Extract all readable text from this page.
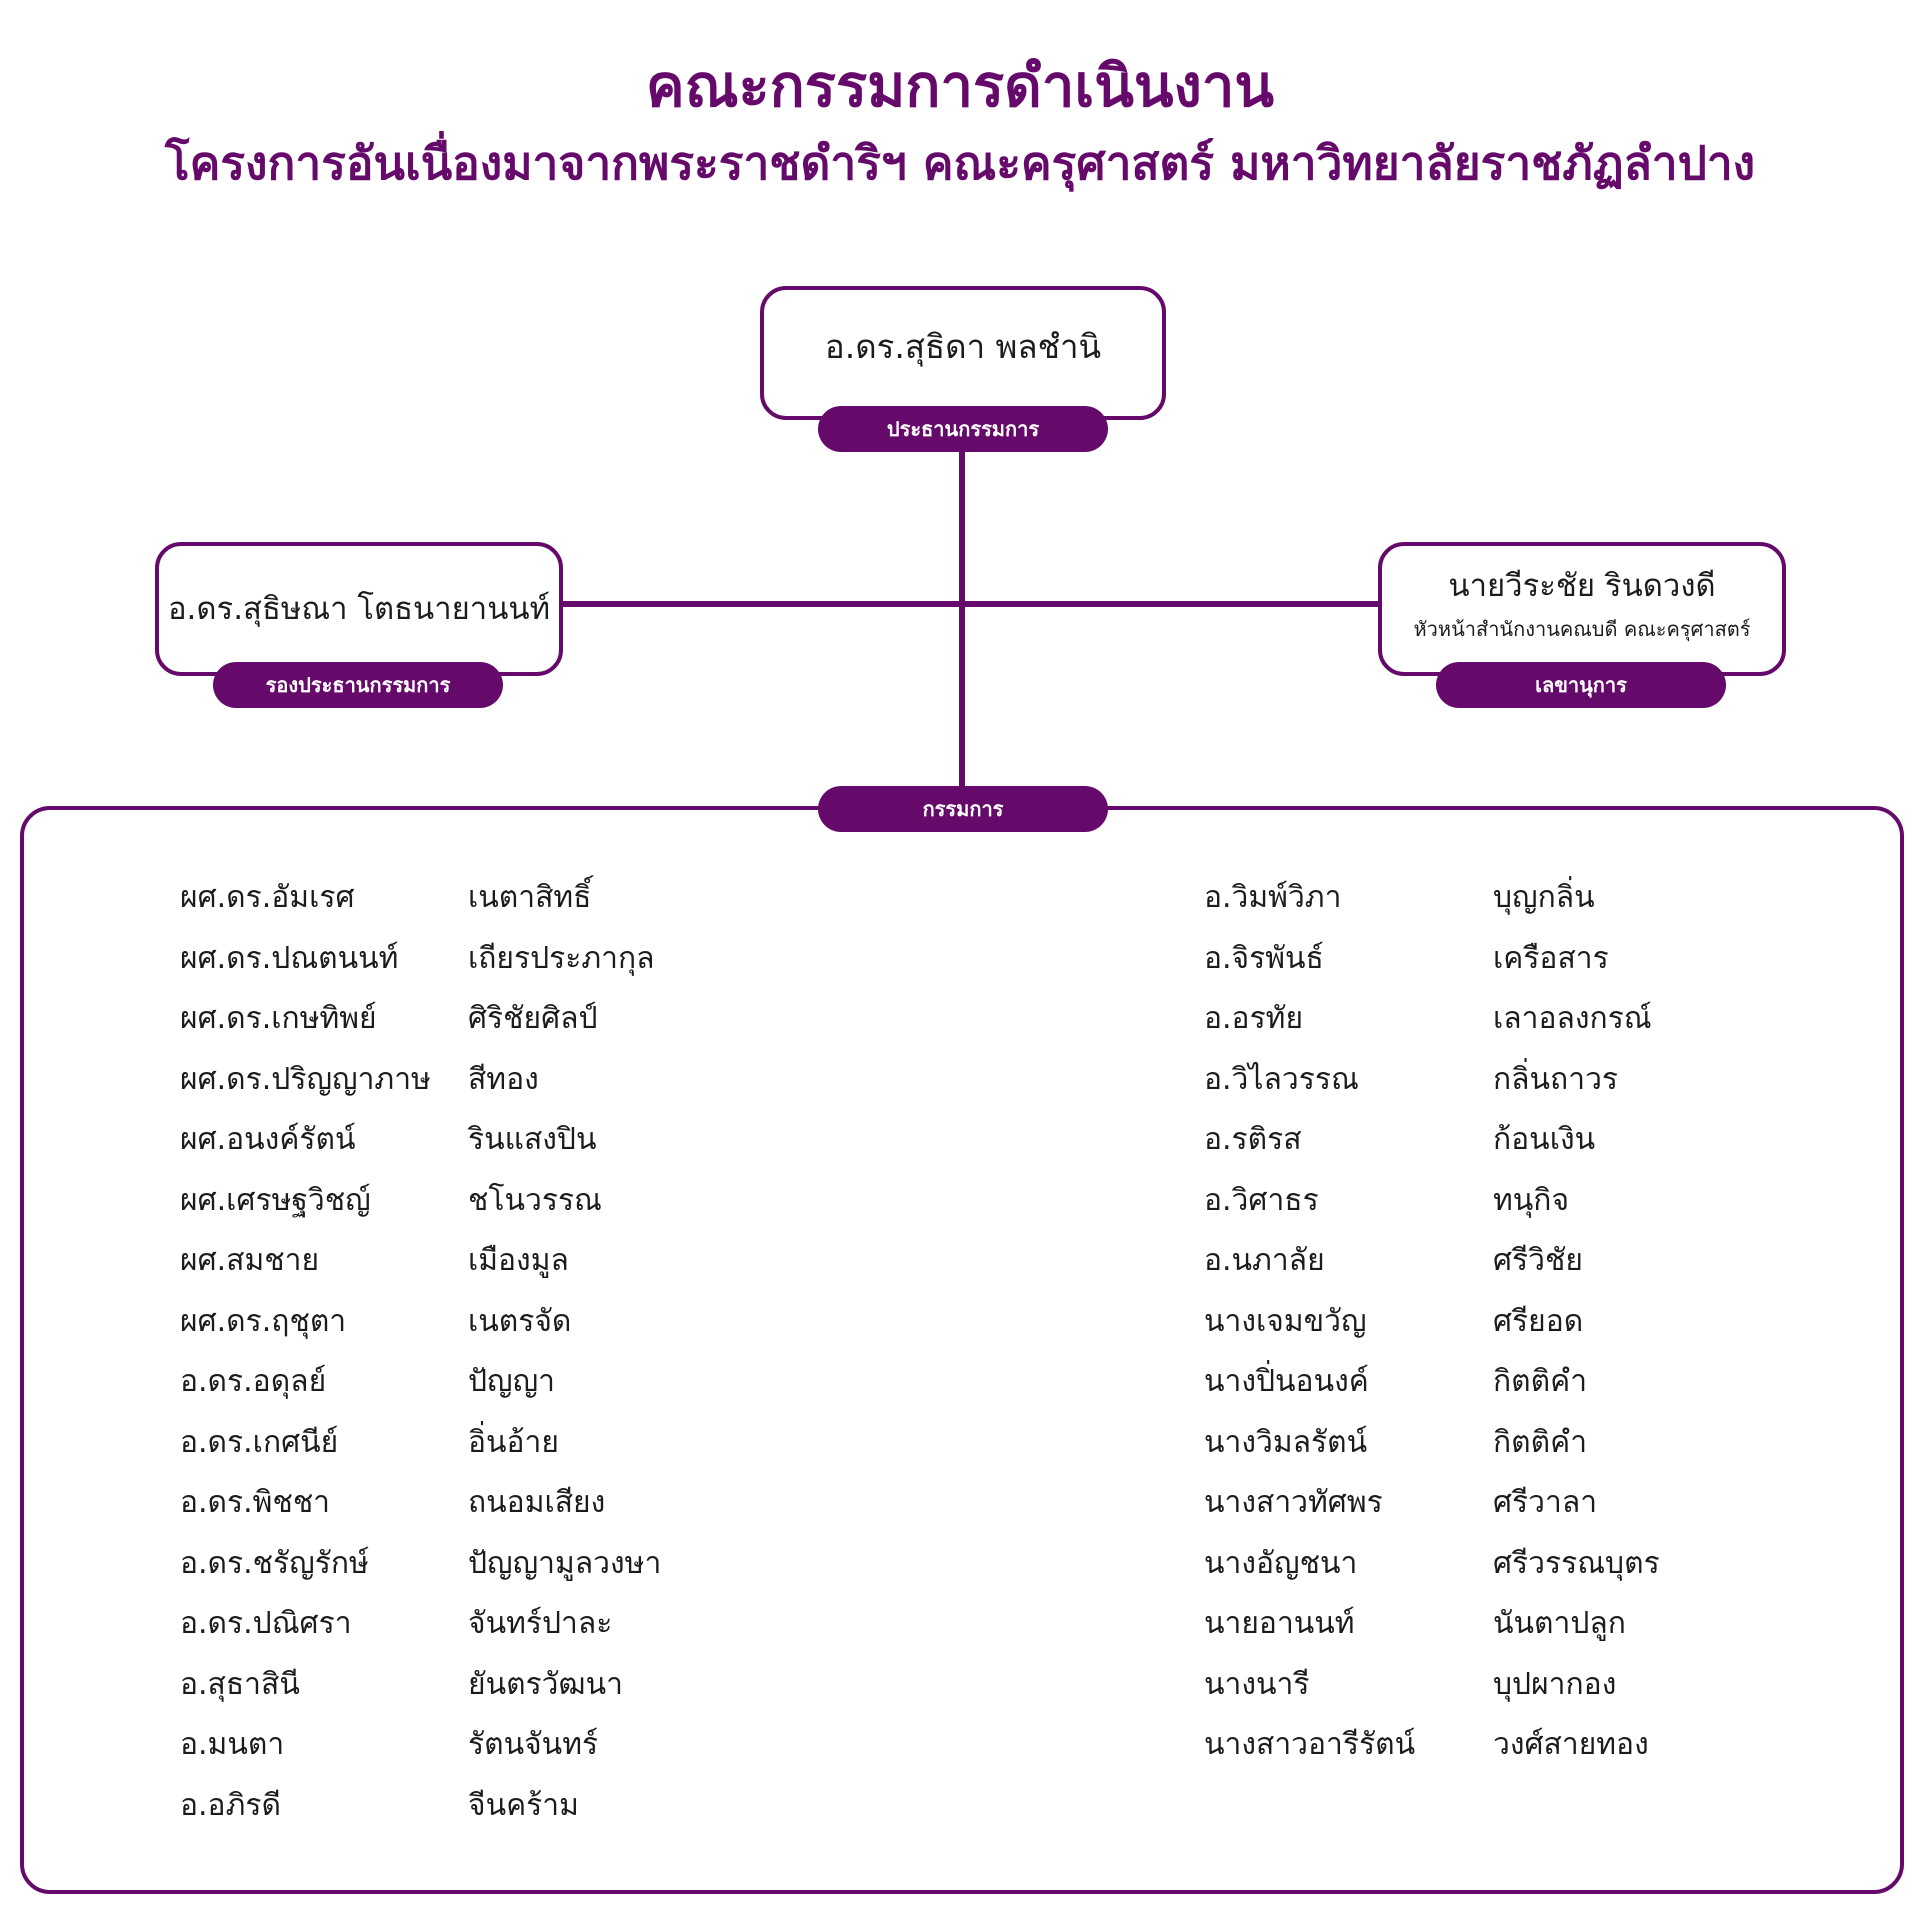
คณะกรรมการดำเนินงาน
โครงการอันเนื่องมาจากพระราชดำริฯ คณะครุศาสตร์ มหาวิทยาลัยราชภัฏลำปาง
อ.ดร.สุธิดา พลชำนิ
ประธานกรรมการ
อ.ดร.สุธิษณา โตธนายานนท์
รองประธานกรรมการ
นายวีระชัย รินดวงดี
หัวหน้าสำนักงานคณบดี คณะครุศาสตร์
เลขานุการ
กรรมการ
ผศ.ดร.อัมเรศ
ผศ.ดร.ปณตนนท์
ผศ.ดร.เกษทิพย์
ผศ.ดร.ปริญญาภาษ
ผศ.อนงค์รัตน์
ผศ.เศรษฐวิชญ์
ผศ.สมชาย
ผศ.ดร.ฤชุตา
อ.ดร.อดุลย์
อ.ดร.เกศนีย์
อ.ดร.พิชชา
อ.ดร.ชรัญรักษ์
อ.ดร.ปณิศรา
อ.สุธาสินี
อ.มนตา
อ.อภิรดี
เนตาสิทธิ์
เถียรประภากุล
ศิริชัยศิลป์
สีทอง
รินแสงปิน
ชโนวรรณ
เมืองมูล
เนตรจัด
ปัญญา
อิ่นอ้าย
ถนอมเสียง
ปัญญามูลวงษา
จันทร์ปาละ
ยันตรวัฒนา
รัตนจันทร์
จีนคร้าม
อ.วิมพ์วิภา
อ.จิรพันธ์
อ.อรทัย
อ.วิไลวรรณ
อ.รติรส
อ.วิศาธร
อ.นภาลัย
นางเจมขวัญ
นางปิ่นอนงค์
นางวิมลรัตน์
นางสาวทัศพร
นางอัญชนา
นายอานนท์
นางนารี
นางสาวอารีรัตน์
บุญกลิ่น
เครือสาร
เลาอลงกรณ์
กลิ่นถาวร
ก้อนเงิน
ทนุกิจ
ศรีวิชัย
ศรียอด
กิตติคำ
กิตติคำ
ศรีวาลา
ศรีวรรณบุตร
นันตาปลูก
บุปผากอง
วงศ์สายทอง
